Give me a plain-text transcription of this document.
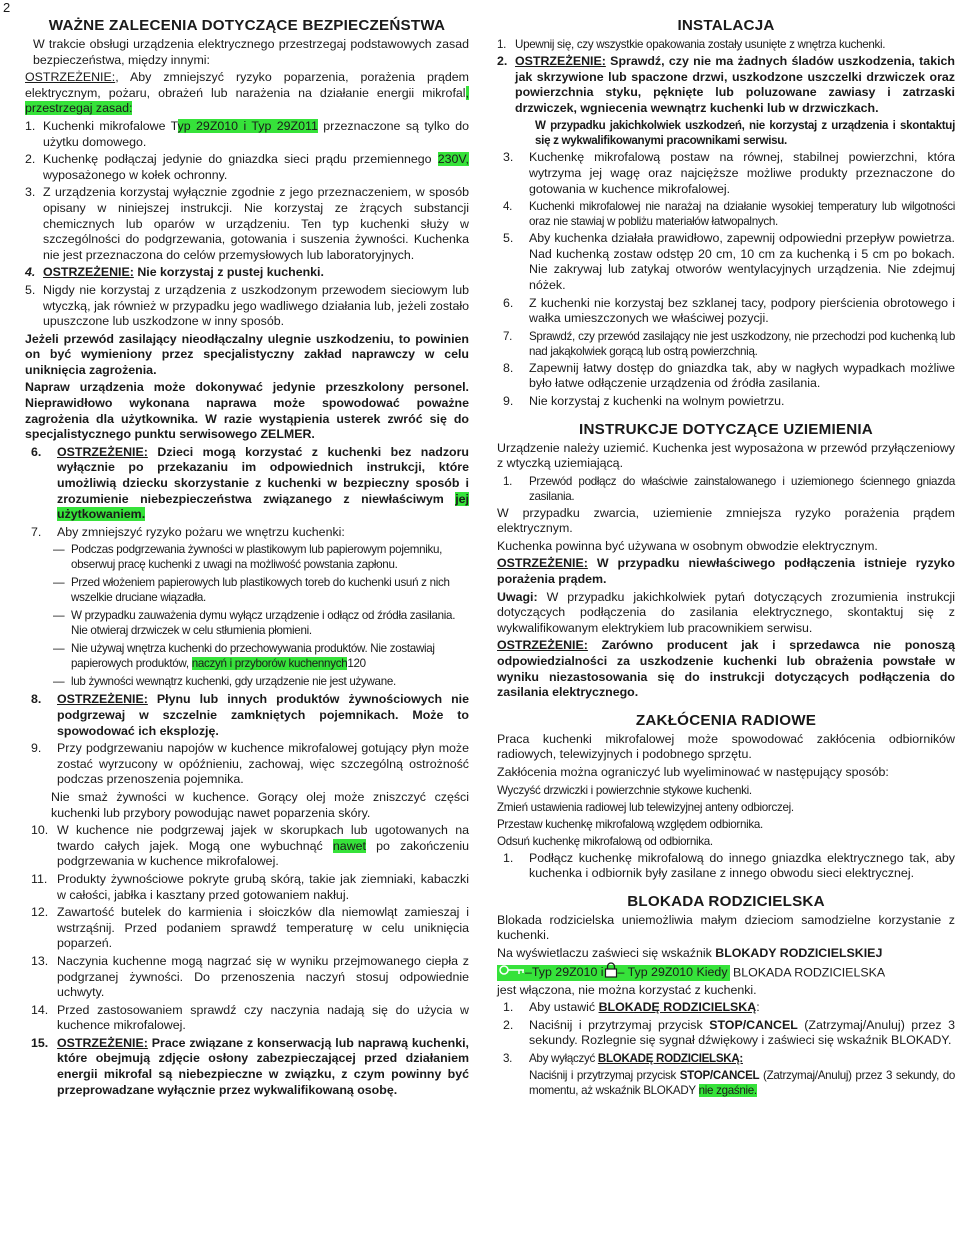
2
WAŻNE ZALECENIA DOTYCZĄCE BEZPIECZEŃSTWA

W trakcie obsługi urządzenia elektrycznego przestrzegaj podstawowych zasad bezpieczeństwa, między innymi:

OSTRZEŻENIE:, Aby zmniejszyć ryzyko poparzenia, porażenia prądem elektrycznym, pożaru, obrażeń lub narażenia na działanie energii mikrofal, przestrzegaj zasad:

1. Kuchenki mikrofalowe Typ 29Z010 i Typ 29Z011 przeznaczone są tylko do użytku domowego.
2. Kuchenkę podłączaj jedynie do gniazdka sieci prądu przemiennego 230V, wyposażonego w kołek ochronny.
3. Z urządzenia korzystaj wyłącznie zgodnie z jego przeznaczeniem, w sposób opisany w niniejszej instrukcji. Nie korzystaj ze żrących substancji chemicznych lub oparów w urządzeniu. Ten typ kuchenki służy w szczególności do podgrzewania, gotowania i suszenia żywności. Kuchenka nie jest przeznaczona do celów przemysłowych lub laboratoryjnych.
4. OSTRZEŻENIE: Nie korzystaj z pustej kuchenki.
5. Nigdy nie korzystaj z urządzenia z uszkodzonym przewodem sieciowym lub wtyczką, jak również w przypadku jego wadliwego działania lub, jeżeli zostało upuszczone lub uszkodzone w inny sposób.

Jeżeli przewód zasilający nieodłączalny ulegnie uszkodzeniu, to powinien on być wymieniony przez specjalistyczny zakład naprawczy w celu uniknięcia zagrożenia.

Napraw urządzenia może dokonywać jedynie przeszkolony personel. Nieprawidłowo wykonana naprawa może spowodować poważne zagrożenia dla użytkownika. W razie wystąpienia usterek zwróć się do specjalistycznego punktu serwisowego ZELMER.

6.	OSTRZEŻENIE: Dzieci mogą korzystać z kuchenki bez nadzoru wyłącznie po przekazaniu im odpowiednich instrukcji, które umożliwią dziecku skorzystanie z kuchenki w bezpieczny sposób i zrozumienie niebezpieczeństwa związanego z niewłaściwym jej użytkowaniem.
7.	Aby zmniejszyć ryzyko pożaru we wnętrzu kuchenki:
— Podczas podgrzewania żywności w plastikowym lub papierowym pojemniku, obserwuj pracę kuchenki z uwagi na możliwość powstania zapłonu.
— Przed włożeniem papierowych lub plastikowych toreb do kuchenki usuń z nich wszelkie druciane wiązadła.
— W przypadku zauważenia dymu wyłącz urządzenie i odłącz od źródła zasilania. Nie otwieraj drzwiczek w celu stłumienia płomieni.
— Nie używaj wnętrza kuchenki do przechowywania produktów. Nie zostawiaj papierowych produktów, naczyń i przyborów kuchennych120
— lub żywności wewnątrz kuchenki, gdy urządzenie nie jest używane.
8.	OSTRZEŻENIE: Płynu lub innych produktów żywnościowych nie podgrzewaj w szczelnie zamkniętych pojemnikach. Może to spowodować ich eksplozję.
9.	Przy podgrzewaniu napojów w kuchence mikrofalowej gotujący płyn może zostać wyrzucony w opóźnieniu, zachowaj, więc szczególną ostrożność podczas przenoszenia pojemnika.

Nie smaż żywności w kuchence. Gorący olej może zniszczyć części kuchenki lub przybory powodując nawet poparzenia skóry.

10. W kuchence nie podgrzewaj jajek w skorupkach lub ugotowanych na twardo całych jajek. Mogą one wybuchnąć nawet po zakończeniu podgrzewania w kuchence mikrofalowej.
11. Produkty żywnościowe pokryte grubą skórą, takie jak ziemniaki, kabaczki w całości, jabłka i kasztany przed gotowaniem nakłuj.
12. Zawartość butelek do karmienia i słoiczków dla niemowląt zamieszaj i wstrząśnij. Przed podaniem sprawdź temperaturę w celu uniknięcia poparzeń.
13. Naczynia kuchenne mogą nagrzać się w wyniku przejmowanego ciepła z podgrzanej żywności. Do przenoszenia naczyń stosuj odpowiednie uchwyty.
14. Przed zastosowaniem sprawdź czy naczynia nadają się do użycia w kuchence mikrofalowej.
15. OSTRZEŻENIE: Prace związane z konserwacją lub naprawą kuchenki, które obejmują zdjęcie osłony zabezpieczającej przed działaniem energii mikrofal są niebezpieczne w związku, z czym powinny być przeprowadzane wyłącznie przez wykwalifikowaną osobę.
INSTALACJA
1. Upewnij się, czy wszystkie opakowania zostały usunięte z wnętrza kuchenki.
2. OSTRZEŻENIE: Sprawdź, czy nie ma żadnych śladów uszkodzenia, takich jak skrzywione lub spaczone drzwi, uszkodzone uszczelki drzwiczek oraz powierzchnia styku, pęknięte lub poluzowane zawiasy i zatrzaski drzwiczek, wgniecenia wewnątrz kuchenki lub w drzwiczkach.

W przypadku jakichkolwiek uszkodzeń, nie korzystaj z urządzenia i skontaktuj się z wykwalifikowanymi pracownikami serwisu.

3.	Kuchenkę mikrofalową postaw na równej, stabilnej powierzchni, która wytrzyma jej wagę oraz najcięższe możliwe produkty przeznaczone do gotowania w kuchence mikrofalowej.
4.	Kuchenki mikrofalowej nie narażaj na działanie wysokiej temperatury lub wilgotności oraz nie stawiaj w pobliżu materiałów łatwopalnych.
5.	Aby kuchenka działała prawidłowo, zapewnij odpowiedni przepływ powietrza. Nad kuchenką zostaw odstęp 20 cm, 10 cm za kuchenką i 5 cm po bokach. Nie zakrywaj lub zatykaj otworów wentylacyjnych urządzenia. Nie zdejmuj nóżek.
6.	Z kuchenki nie korzystaj bez szklanej tacy, podpory pierścienia obrotowego i wałka umieszczonych we właściwej pozycji.
7.	Sprawdź, czy przewód zasilający nie jest uszkodzony, nie przechodzi pod kuchenką lub nad jakąkolwiek gorącą lub ostrą powierzchnią.
8.	Zapewnij łatwy dostęp do gniazdka tak, aby w nagłych wypadkach możliwe było łatwe odłączenie urządzenia od źródła zasilania.
9.	Nie korzystaj z kuchenki na wolnym powietrzu.
INSTRUKCJE DOTYCZĄCE UZIEMIENIA

Urządzenie należy uziemić. Kuchenka jest wyposażona w przewód przyłączeniowy z wtyczką uziemiającą.

1.	Przewód podłącz do właściwie zainstalowanego i uziemionego ściennego gniazda zasilania.

W przypadku zwarcia, uziemienie zmniejsza ryzyko porażenia prądem elektrycznym.

Kuchenka powinna być używana w osobnym obwodzie elektrycznym.

OSTRZEŻENIE: W przypadku niewłaściwego podłączenia istnieje ryzyko porażenia prądem.

Uwagi: W przypadku jakichkolwiek pytań dotyczących zrozumienia instrukcji dotyczących podłączenia do zasilania elektrycznego, skontaktuj się z wykwalifikowanym elektrykiem lub pracownikiem serwisu.

OSTRZEŻENIE: Zarówno producent jak i sprzedawca nie ponoszą odpowiedzialności za uszkodzenie kuchenki lub obrażenia powstałe w wyniku niezastosowania się do instrukcji dotyczących podłączenia do zasilania elektrycznego.

ZAKŁÓCENIA RADIOWE

Praca kuchenki mikrofalowej może spowodować zakłócenia odbiorników radiowych, telewizyjnych i podobnego sprzętu.

Zakłócenia można ograniczyć lub wyeliminować w następujący sposób:

Wyczyść drzwiczki i powierzchnie stykowe kuchenki.

Zmień ustawienia radiowej lub telewizyjnej anteny odbiorczej.

Przestaw kuchenkę mikrofalową względem odbiornika.

Odsuń kuchenkę mikrofalową od odbiornika.

1.	Podłącz kuchenkę mikrofalową do innego gniazdka elektrycznego tak, aby kuchenka i odbiornik były zasilane z innego obwodu sieci elektrycznej.
BLOKADA RODZICIELSKA

Blokada rodzicielska uniemożliwia małym dzieciom samodzielne korzystanie z kuchenki.

Na wyświetlaczu zaświeci się wskaźnik BLOKADY RODZICIELSKIEJ

–Typ 29Z010 i – Typ 29Z010 Kiedy BLOKADA RODZICIELSKA

jest włączona, nie można korzystać z kuchenki.

1.	Aby ustawić BLOKADĘ RODZICIELSKĄ:
2.	Naciśnij i przytrzymaj przycisk STOP/CANCEL (Zatrzymaj/Anuluj) przez 3 sekundy. Rozlegnie się sygnał dźwiękowy i zaświeci się wskaźnik BLOKADY.
3.	Aby wyłączyć BLOKADĘ RODZICIELSKĄ:

Naciśnij i przytrzymaj przycisk STOP/CANCEL (Zatrzymaj/Anuluj) przez 3 sekundy, do momentu, aż wskaźnik BLOKADY nie zgaśnie.
